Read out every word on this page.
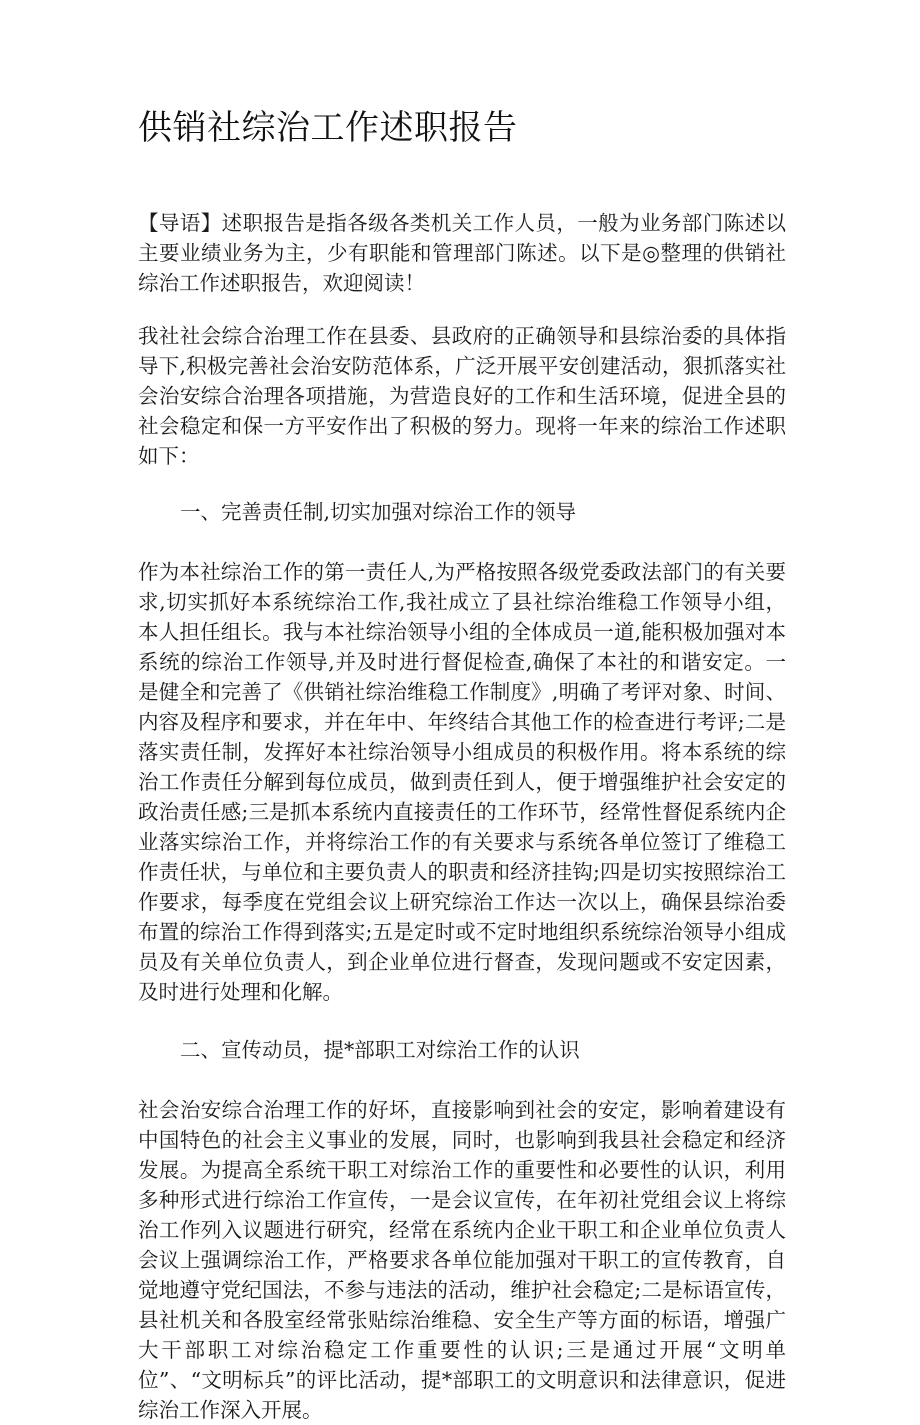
供销社综治工作述职报告

【导语】述职报告是指各级各类机关工作人员，一般为业务部门陈述以主要业绩业务为主，少有职能和管理部门陈述。以下是◎整理的供销社综治工作述职报告，欢迎阅读！

我社社会综合治理工作在县委、县政府的正确领导和县综治委的具体指导下,积极完善社会治安防范体系，广泛开展平安创建活动，狠抓落实社会治安综合治理各项措施，为营造良好的工作和生活环境，促进全县的社会稳定和保一方平安作出了积极的努力。现将一年来的综治工作述职如下：

一、完善责任制,切实加强对综治工作的领导

作为本社综治工作的第一责任人,为严格按照各级党委政法部门的有关要求,切实抓好本系统综治工作,我社成立了县社综治维稳工作领导小组，本人担任组长。我与本社综治领导小组的全体成员一道,能积极加强对本系统的综治工作领导,并及时进行督促检查,确保了本社的和谐安定。一是健全和完善了《供销社综治维稳工作制度》,明确了考评对象、时间、内容及程序和要求，并在年中、年终结合其他工作的检查进行考评;二是落实责任制，发挥好本社综治领导小组成员的积极作用。将本系统的综治工作责任分解到每位成员，做到责任到人，便于增强维护社会安定的政治责任感;三是抓本系统内直接责任的工作环节，经常性督促系统内企业落实综治工作，并将综治工作的有关要求与系统各单位签订了维稳工作责任状，与单位和主要负责人的职责和经济挂钩;四是切实按照综治工作要求，每季度在党组会议上研究综治工作达一次以上，确保县综治委布置的综治工作得到落实;五是定时或不定时地组织系统综治领导小组成员及有关单位负责人，到企业单位进行督查，发现问题或不安定因素，及时进行处理和化解。

二、宣传动员，提*部职工对综治工作的认识

社会治安综合治理工作的好坏，直接影响到社会的安定，影响着建设有中国特色的社会主义事业的发展，同时，也影响到我县社会稳定和经济发展。为提高全系统干职工对综治工作的重要性和必要性的认识，利用多种形式进行综治工作宣传，一是会议宣传，在年初社党组会议上将综治工作列入议题进行研究，经常在系统内企业干职工和企业单位负责人会议上强调综治工作，严格要求各单位能加强对干职工的宣传教育，自觉地遵守党纪国法，不参与违法的活动，维护社会稳定;二是标语宣传，县社机关和各股室经常张贴综治维稳、安全生产等方面的标语，增强广大干部职工对综治稳定工作重要性的认识;三是通过开展“文明单位”、“文明标兵”的评比活动，提*部职工的文明意识和法律意识，促进综治工作深入开展。
